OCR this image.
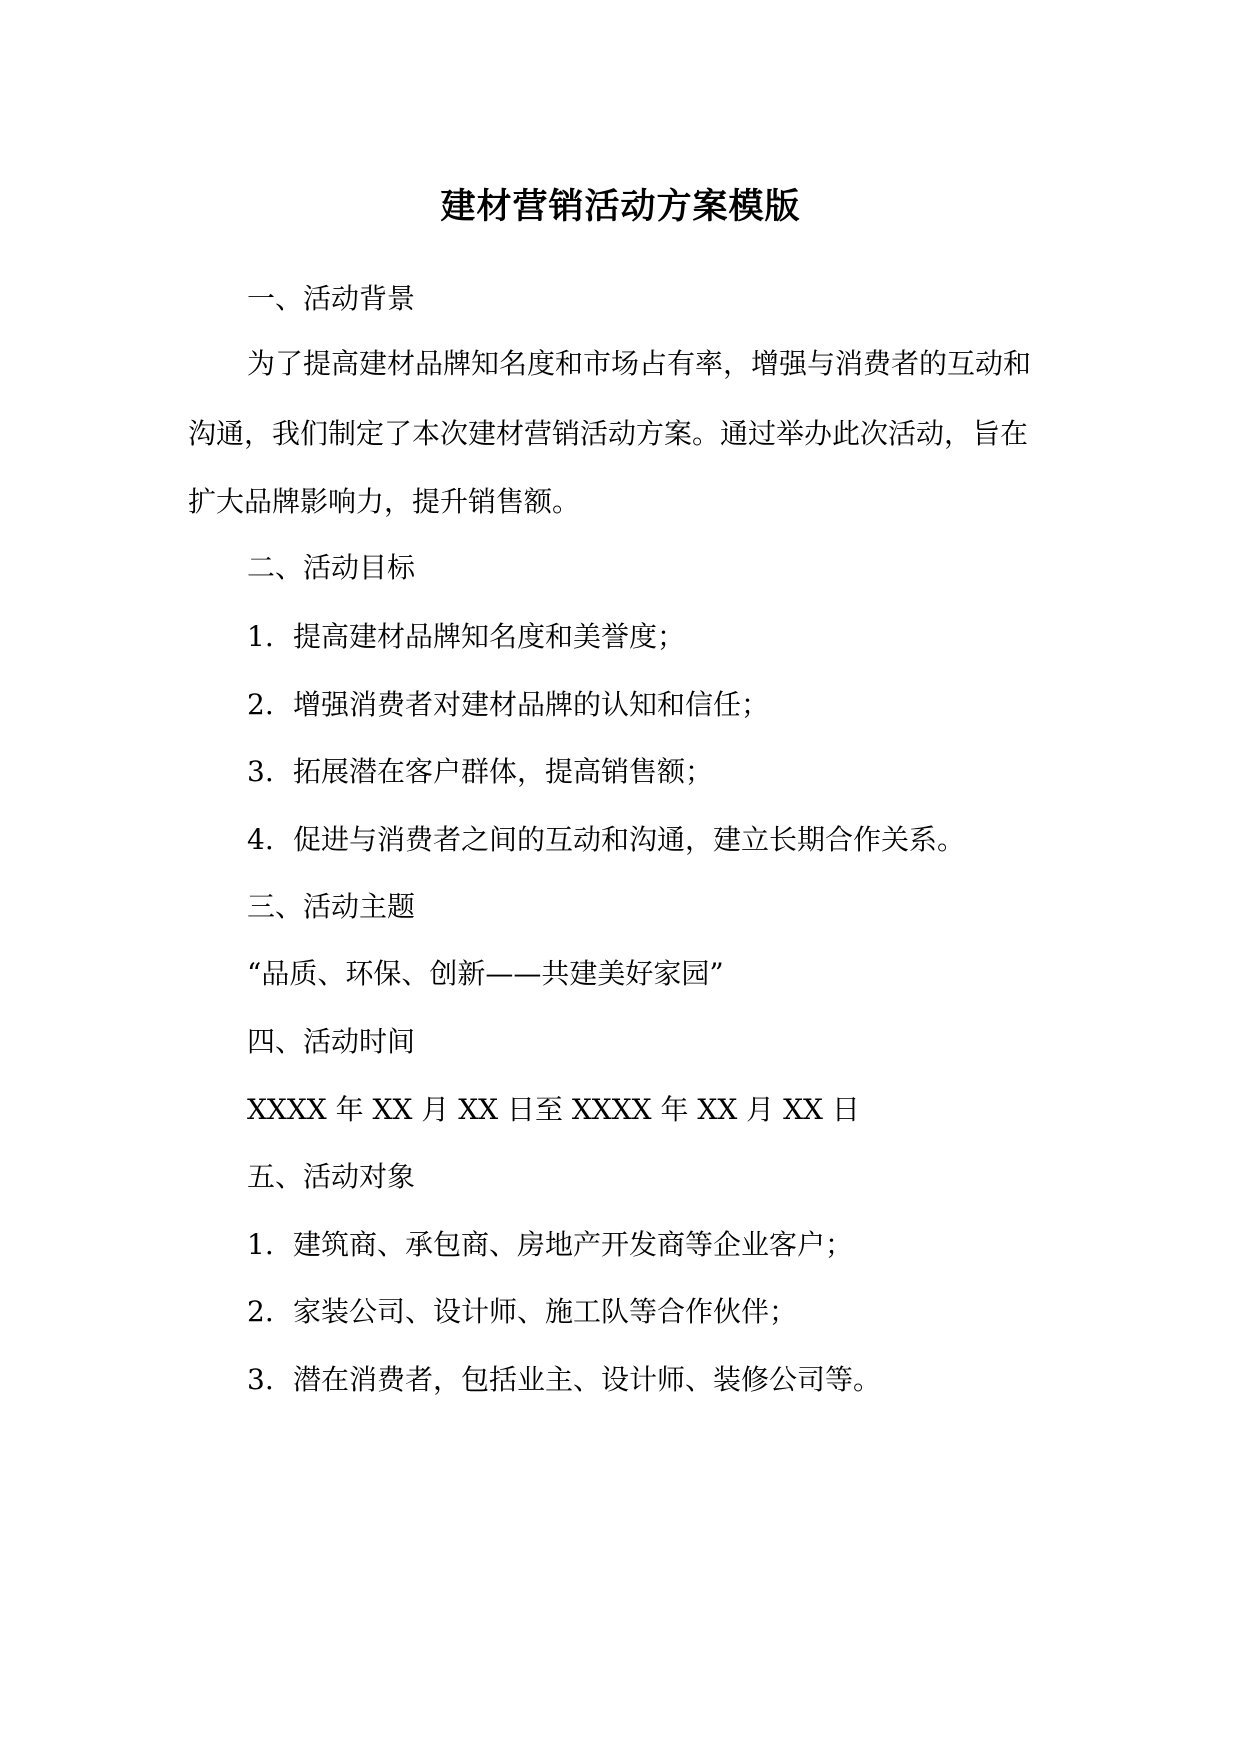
建材营销活动方案模版
一、活动背景
为了提高建材品牌知名度和市场占有率，增强与消费者的互动和
沟通，我们制定了本次建材营销活动方案。通过举办此次活动，旨在
扩大品牌影响力，提升销售额。
二、活动目标
1. 提高建材品牌知名度和美誉度；
2. 增强消费者对建材品牌的认知和信任；
3. 拓展潜在客户群体，提高销售额；
4. 促进与消费者之间的互动和沟通，建立长期合作关系。
三、活动主题
“品质、环保、创新——共建美好家园”
四、活动时间
XXXX 年 XX 月 XX 日至 XXXX 年 XX 月 XX 日
五、活动对象
1. 建筑商、承包商、房地产开发商等企业客户；
2. 家装公司、设计师、施工队等合作伙伴；
3. 潜在消费者，包括业主、设计师、装修公司等。
